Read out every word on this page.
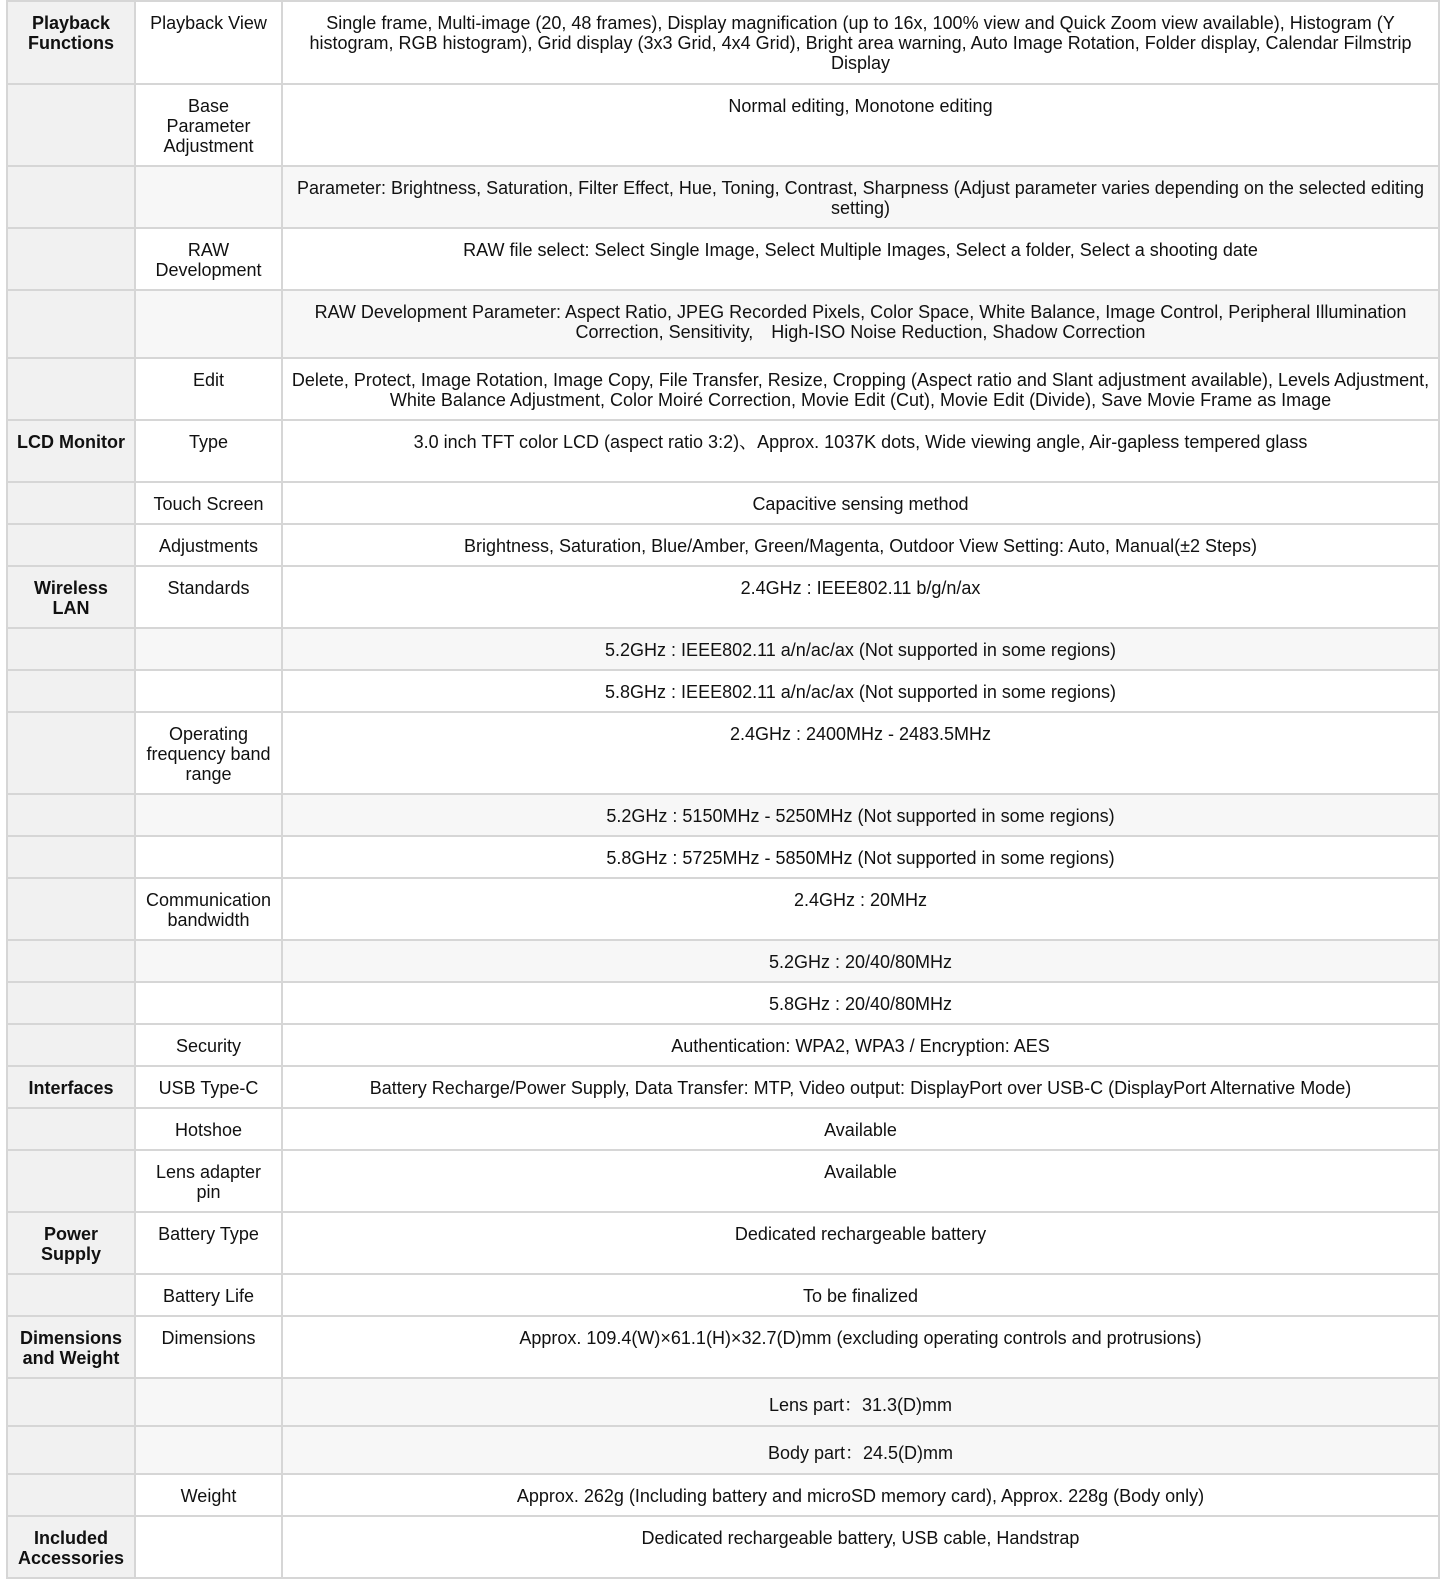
Playback Functions	Playback View	Single frame, Multi-image (20, 48 frames), Display magnification (up to 16x, 100% view and Quick Zoom view available), Histogram (Y histogram, RGB histogram), Grid display (3x3 Grid, 4x4 Grid), Bright area warning, Auto Image Rotation, Folder display, Calendar Filmstrip Display
	Base Parameter Adjustment	Normal editing, Monotone editing
		Parameter: Brightness, Saturation, Filter Effect, Hue, Toning, Contrast, Sharpness (Adjust parameter varies depending on the selected editing setting)
	RAW Development	RAW file select: Select Single Image, Select Multiple Images, Select a folder, Select a shooting date
		RAW Development Parameter: Aspect Ratio, JPEG Recorded Pixels, Color Space, White Balance, Image Control, Peripheral Illumination Correction, Sensitivity,　High-ISO Noise Reduction, Shadow Correction
	Edit	Delete, Protect, Image Rotation, Image Copy, File Transfer, Resize, Cropping (Aspect ratio and Slant adjustment available), Levels Adjustment, White Balance Adjustment, Color Moiré Correction, Movie Edit (Cut), Movie Edit (Divide), Save Movie Frame as Image
LCD Monitor	Type	3.0 inch TFT color LCD (aspect ratio 3:2)、Approx. 1037K dots, Wide viewing angle, Air-gapless tempered glass
	Touch Screen	Capacitive sensing method
	Adjustments	Brightness, Saturation, Blue/Amber, Green/Magenta, Outdoor View Setting: Auto, Manual(±2 Steps)
Wireless LAN	Standards	2.4GHz : IEEE802.11 b/g/n/ax
		5.2GHz : IEEE802.11 a/n/ac/ax (Not supported in some regions)
		5.8GHz : IEEE802.11 a/n/ac/ax (Not supported in some regions)
	Operating frequency band range	2.4GHz : 2400MHz - 2483.5MHz
		5.2GHz : 5150MHz - 5250MHz (Not supported in some regions)
		5.8GHz : 5725MHz - 5850MHz (Not supported in some regions)
	Communication bandwidth	2.4GHz : 20MHz
		5.2GHz : 20/40/80MHz
		5.8GHz : 20/40/80MHz
	Security	Authentication: WPA2, WPA3 / Encryption: AES
Interfaces	USB Type-C	Battery Recharge/Power Supply, Data Transfer: MTP, Video output: DisplayPort over USB-C (DisplayPort Alternative Mode)
	Hotshoe	Available
	Lens adapter pin	Available
Power Supply	Battery Type	Dedicated rechargeable battery
	Battery Life	To be finalized
Dimensions and Weight	Dimensions	Approx. 109.4(W)×61.1(H)×32.7(D)mm (excluding operating controls and protrusions)
		Lens part：31.3(D)mm
		Body part：24.5(D)mm
	Weight	Approx. 262g (Including battery and microSD memory card), Approx. 228g (Body only)
Included Accessories		Dedicated rechargeable battery, USB cable, Handstrap
